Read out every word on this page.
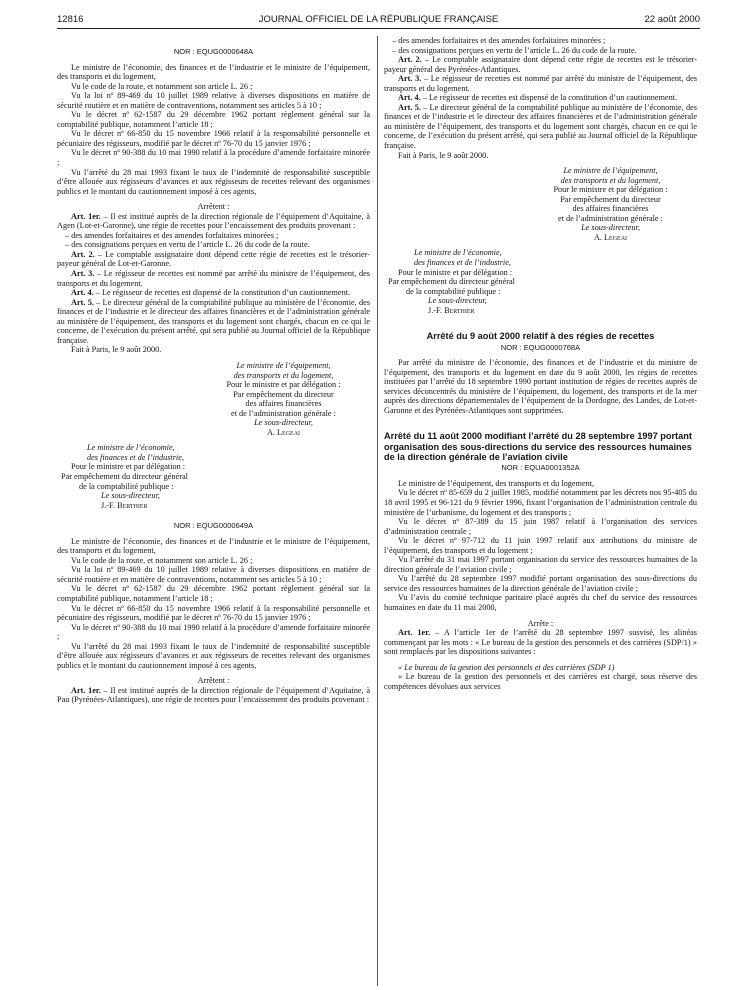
12816	JOURNAL OFFICIEL DE LA RÉPUBLIQUE FRANÇAISE	22 août 2000

NOR : EQUG0000648A

Le ministre de l’économie, des finances et de l’industrie et le ministre de l’équipement, des transports et du logement,

Vu le code de la route, et notamment son article L. 26 ;

Vu la loi nº 89-469 du 10 juillet 1989 relative à diverses dispositions en matière de sécurité routière et en matière de contraventions, notamment ses articles 5 à 10 ;

Vu le décret nº 62-1587 du 29 décembre 1962 portant règlement général sur la comptabilité publique, notamment l’article 18 ;

Vu le décret nº 66-850 du 15 novembre 1966 relatif à la responsabilité personnelle et pécuniaire des régisseurs, modifié par le décret nº 76-70 du 15 janvier 1976 ;

Vu le décret nº 90-388 du 10 mai 1990 relatif à la procédure d’amende forfaitaire minorée ;

Vu l’arrêté du 28 mai 1993 fixant le taux de l’indemnité de responsabilité susceptible d’être allouée aux régisseurs d’avances et aux régisseurs de recettes relevant des organismes publics et le montant du cautionnement imposé à ces agents,

Arrêtent :

Art. 1er. – Il est institué auprès de la direction régionale de l’équipement d’Aquitaine, à Agen (Lot-et-Garonne), une régie de recettes pour l’encaissement des produits provenant :

– des amendes forfaitaires et des amendes forfaitaires minorées ;

– des consignations perçues en vertu de l’article L. 26 du code de la route.

Art. 2. – Le comptable assignataire dont dépend cette régie de recettes est le trésorier-payeur général de Lot-et-Garonne.

Art. 3. – Le régisseur de recettes est nommé par arrêté du ministre de l’équipement, des transports et du logement.

Art. 4. – Le régisseur de recettes est dispensé de la constitution d’un cautionnement.

Art. 5. – Le directeur général de la comptabilité publique au ministère de l’économie, des finances et de l’industrie et le directeur des affaires financières et de l’administration générale au ministère de l’équipement, des transports et du logement sont chargés, chacun en ce qui le concerne, de l’exécution du présent arrêté, qui sera publié au Journal officiel de la République française.

Fait à Paris, le 9 août 2000.

Le ministre de l’équipement,

des transports et du logement,

Pour le ministre et par délégation :

Par empêchement du directeur

des affaires financières

et de l’administration générale :

Le sous-directeur,

A. Legeai

Le ministre de l’économie,

des finances et de l’industrie,

Pour le ministre et par délégation :

Par empêchement du directeur général

de la comptabilité publique :

Le sous-directeur,

J.-F. Berthier

NOR : EQUG0000649A

Le ministre de l’économie, des finances et de l’industrie et le ministre de l’équipement, des transports et du logement,

Vu le code de la route, et notamment son article L. 26 ;

Vu la loi nº 89-469 du 10 juillet 1989 relative à diverses dispositions en matière de sécurité routière et en matière de contraventions, notamment ses articles 5 à 10 ;

Vu le décret nº 62-1587 du 29 décembre 1962 portant règlement général sur la comptabilité publique, notamment l’article 18 ;

Vu le décret nº 66-850 du 15 novembre 1966 relatif à la responsabilité personnelle et pécuniaire des régisseurs, modifié par le décret nº 76-70 du 15 janvier 1976 ;

Vu le décret nº 90-388 du 10 mai 1990 relatif à la procédure d’amende forfaitaire minorée ;

Vu l’arrêté du 28 mai 1993 fixant le taux de l’indemnité de responsabilité susceptible d’être allouée aux régisseurs d’avances et aux régisseurs de recettes relevant des organismes publics et le montant du cautionnement imposé à ces agents,

Arrêtent :

Art. 1er. – Il est institué auprès de la direction régionale de l’équipement d’Aquitaine, à Pau (Pyrénées-Atlantiques), une régie de recettes pour l’encaissement des produits provenant :

– des amendes forfaitaires et des amendes forfaitaires minorées ;

– des consignations perçues en vertu de l’article L. 26 du code de la route.

Art. 2. – Le comptable assignataire dont dépend cette régie de recettes est le trésorier-payeur général des Pyrénées-Atlantiques.

Art. 3. – Le régisseur de recettes est nommé par arrêté du ministre de l’équipement, des transports et du logement.

Art. 4. – Le régisseur de recettes est dispensé de la constitution d’un cautionnement.

Art. 5. – Le directeur général de la comptabilité publique au ministère de l’économie, des finances et de l’industrie et le directeur des affaires financières et de l’administration générale au ministère de l’équipement, des transports et du logement sont chargés, chacun en ce qui le concerne, de l’exécution du présent arrêté, qui sera publié au Journal officiel de la République française.

Fait à Paris, le 9 août 2000.

Le ministre de l’équipement,

des transports et du logement,

Pour le ministre et par délégation :

Par empêchement du directeur

des affaires financières

et de l’administration générale :

Le sous-directeur,

A. Legeai

Le ministre de l’économie,

des finances et de l’industrie,

Pour le ministre et par délégation :

Par empêchement du directeur général

de la comptabilité publique :

Le sous-directeur,

J.-F. Berthier

Arrêté du 9 août 2000 relatif à des régies de recettes

NOR : EQUG0000768A

Par arrêté du ministre de l’économie, des finances et de l’industrie et du ministre de l’équipement, des transports et du logement en date du 9 août 2000, les régies de recettes instituées par l’arrêté du 18 septembre 1990 portant institution de régies de recettes auprès de services déconcentrés du ministère de l’équipement, du logement, des transports et de la mer auprès des directions départementales de l’équipement de la Dordogne, des Landes, de Lot-et-Garonne et des Pyrénées-Atlantiques sont supprimées.

Arrêté du 11 août 2000 modifiant l’arrêté du 28 septembre 1997 portant organisation des sous-directions du service des ressources humaines de la direction générale de l’aviation civile

NOR : EQUA0001352A

Le ministre de l’équipement, des transports et du logement,

Vu le décret nº 85-659 du 2 juillet 1985, modifié notamment par les décrets nos 95-405 du 18 avril 1995 et 96-121 du 9 février 1996, fixant l’organisation de l’administration centrale du ministère de l’urbanisme, du logement et des transports ;

Vu le décret nº 87-389 du 15 juin 1987 relatif à l’organisation des services d’administration centrale ;

Vu le décret nº 97-712 du 11 juin 1997 relatif aux attributions du ministre de l’équipement, des transports et du logement ;

Vu l’arrêté du 31 mai 1997 portant organisation du service des ressources humaines de la direction générale de l’aviation civile ;

Vu l’arrêté du 28 septembre 1997 modifié portant organisation des sous-directions du service des ressources humaines de la direction générale de l’aviation civile ;

Vu l’avis du comité technique paritaire placé auprès du chef du service des ressources humaines en date du 11 mai 2000,

Arrête :

Art. 1er. – A l’article 1er de l’arrêté du 28 septembre 1997 susvisé, les alinéas commençant par les mots : « Le bureau de la gestion des personnels et des carrières (SDP/1) » sont remplacés par les dispositions suivantes :

« Le bureau de la gestion des personnels et des carrières (SDP 1)

« Le bureau de la gestion des personnels et des carrières est chargé, sous réserve des compétences dévolues aux services
